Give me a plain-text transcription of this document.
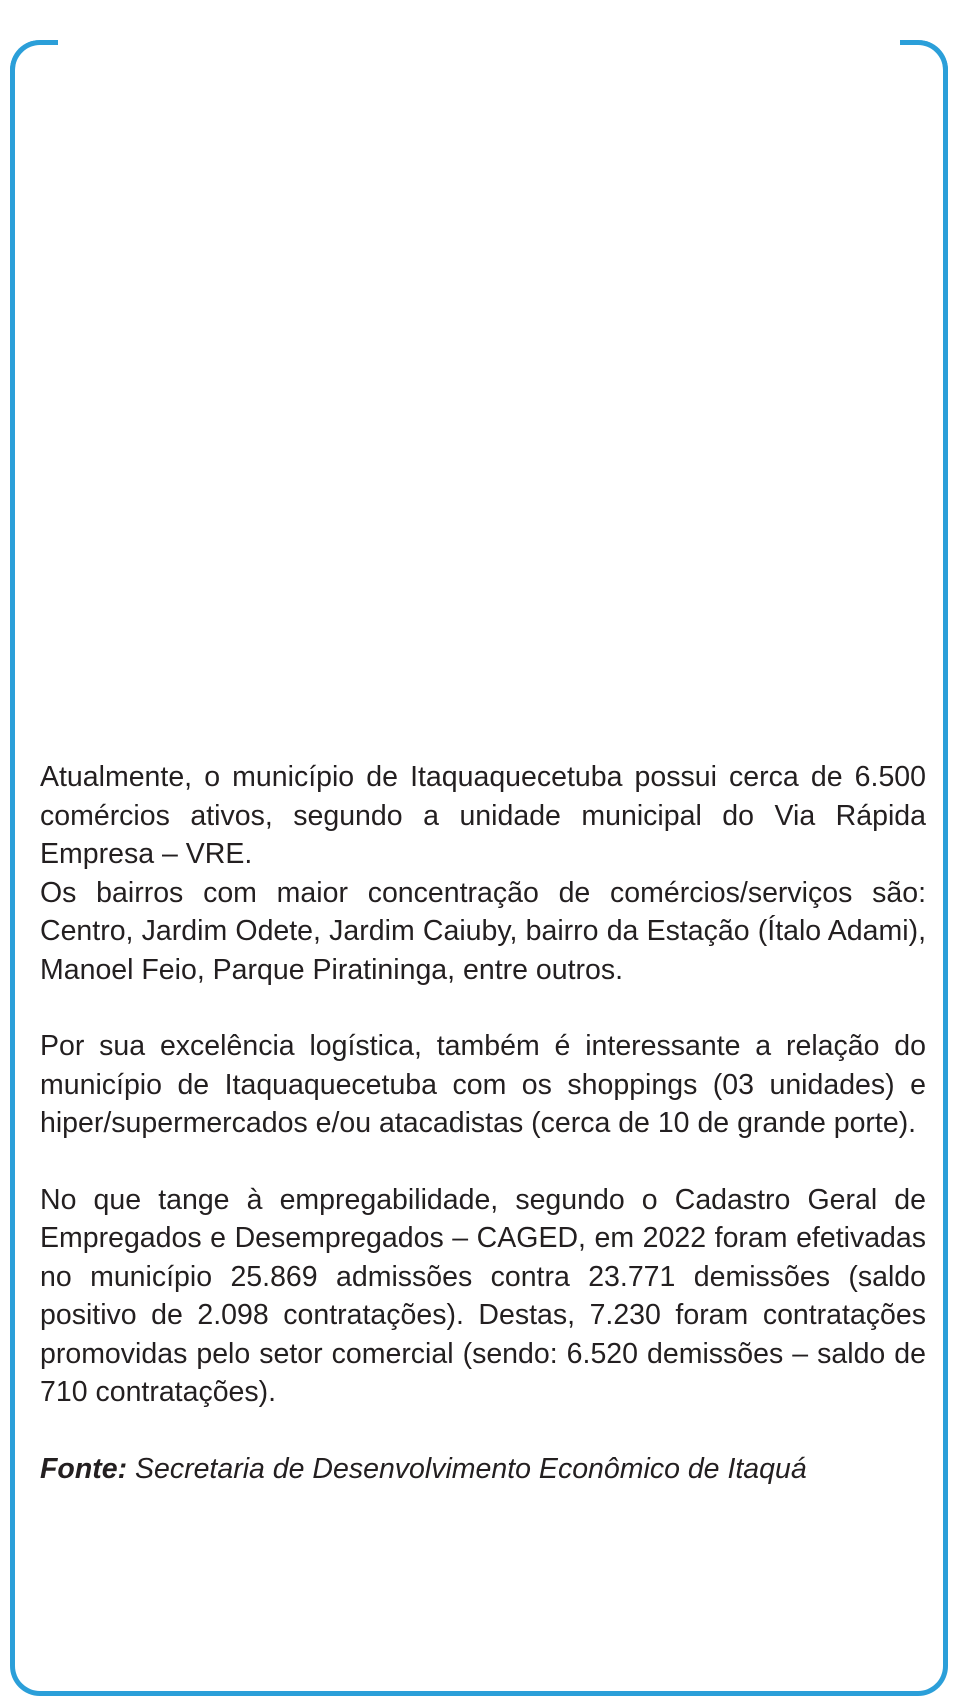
Atualmente, o município de Itaquaquecetuba possui cerca de 6.500 comércios ativos, segundo a unidade municipal do Via Rápida Empresa – VRE.

Os bairros com maior concentração de comércios/serviços são: Centro, Jardim Odete, Jardim Caiuby, bairro da Estação (Ítalo Adami), Manoel Feio, Parque Piratininga, entre outros.

Por sua excelência logística, também é interessante a relação do município de Itaquaquecetuba com os shoppings (03 unidades) e hiper/supermercados e/ou atacadistas (cerca de 10 de grande porte).

No que tange à empregabilidade, segundo o Cadastro Geral de Empregados e Desempregados – CAGED, em 2022 foram efetivadas no município 25.869 admissões contra 23.771 demissões (saldo positivo de 2.098 contratações). Destas, 7.230 foram contratações promovidas pelo setor comercial (sendo: 6.520 demissões – saldo de 710 contratações).

Fonte: Secretaria de Desenvolvimento Econômico de Itaquá
